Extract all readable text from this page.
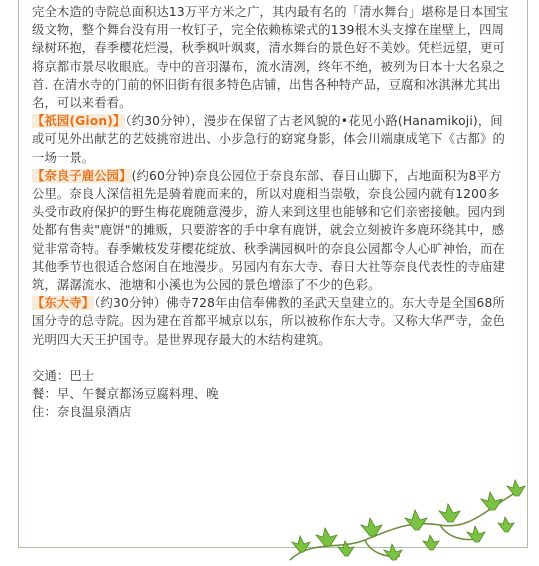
完全木造的寺院总面积达13万平方米之广，其内最有名的「清水舞台」堪称是日本国宝级文物，整个舞台没有用一枚钉子，完全依赖栋梁式的139根木头支撑在崖壁上，四周绿树环抱，春季樱花烂漫，秋季枫叶飒爽，清水舞台的景色好不美妙。凭栏远望，更可将京都市景尽收眼底。寺中的音羽瀑布，流水清冽，终年不绝，被列为日本十大名泉之首. 在清水寺的门前的怀旧街有很多特色店铺，出售各种特产品，豆腐和冰淇淋尤其出名，可以来看看。

【祇园(Gion)】（约30分钟），漫步在保留了古老风貌的•花见小路(Hanamikoji)，间或可见外出献艺的艺妓挑帘进出、小步急行的窈窕身影，体会川端康成笔下《古都》的一场一景。

【奈良子鹿公园】(约60分钟)奈良公园位于奈良东部、春日山脚下，占地面积为8平方公里。奈良人深信祖先是骑着鹿而来的，所以对鹿相当崇敬，奈良公园内就有1200多头受市政府保护的野生梅花鹿随意漫步，游人来到这里也能够和它们亲密接触。园内到处都有售卖"鹿饼"的摊贩，只要游客的手中拿有鹿饼，就会立刻被许多鹿环绕其中，感觉非常奇特。春季嫩枝发芽樱花绽放、秋季满园枫叶的奈良公园都令人心旷神怡，而在其他季节也很适合悠闲自在地漫步。另园内有东大寺、春日大社等奈良代表性的寺庙建筑，潺潺流水、池塘和小溪也为公园的景色增添了不少的色彩。

【东大寺】（约30分钟）佛寺728年由信奉佛教的圣武天皇建立的。东大寺是全国68所国分寺的总寺院。因为建在首都平城京以东，所以被称作东大寺。又称大华严寺，金色光明四大天王护国寺。是世界现存最大的木结构建筑。

交通：巴士

餐：早、午餐京都汤豆腐料理、晚

住：奈良温泉酒店
